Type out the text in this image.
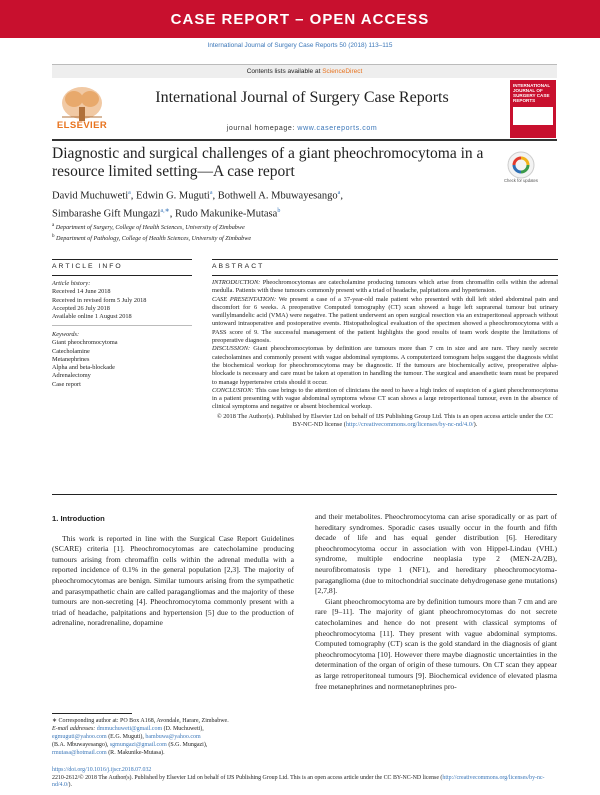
CASE REPORT – OPEN ACCESS
International Journal of Surgery Case Reports 50 (2018) 113–115
Contents lists available at ScienceDirect
ELSEVIER
International Journal of Surgery Case Reports
journal homepage: www.casereports.com
INTERNATIONAL JOURNAL OF SURGERY CASE REPORTS
Diagnostic and surgical challenges of a giant pheochromocytoma in a resource limited setting—A case report
Check for updates
David Muchuweti$^a$, Edwin G. Muguti$^a$, Bothwell A. Mbuwayesango$^a$,
Simbarashe Gift Mungazi$^{a,∗}$, Rudo Makunike-Mutasa$^b$
$^a$ Department of Surgery, College of Health Sciences, University of Zimbabwe
$^b$ Department of Pathology, College of Health Sciences, University of Zimbabwe
ARTICLE INFO	ABSTRACT
Article history:
Received 14 June 2018
Received in revised form 5 July 2018
Accepted 26 July 2018
Available online 1 August 2018
Keywords:
Giant pheochromocytoma
Catecholamine
Metanephrines
Alpha and beta-blockade
Adrenalectomy
Case report

INTRODUCTION: Pheochromocytomas are catecholamine producing tumours which arise from chromaffin cells within the adrenal medulla. Patients with these tumours commonly present with a triad of headache, palpitations and hypertension.

CASE PRESENTATION: We present a case of a 37-year-old male patient who presented with dull left sided abdominal pain and discomfort for 6 weeks. A preoperative Computed tomography (CT) scan showed a huge left suprarenal tumour but urinary vanillylmandelic acid (VMA) were negative. The patient underwent an open surgical resection via an extraperitoneal approach without untoward intraoperative and postoperative events. Histopathological evaluation of the specimen showed a pheochromocytoma with a PASS score of 9. The successful management of the patient highlights the good results of team work despite the limitations of preoperative diagnosis.

DISCUSSION: Giant pheochromocytomas by definition are tumours more than 7 cm in size and are rare. They rarely secrete catecholamines and commonly present with vague abdominal symptoms. A computerized tomogram helps suggest the diagnosis whilst the biochemical workup for pheochromocytoma may be diagnostic. If the tumours are biochemically active, preoperative alpha-blockade is necessary and care must be taken at operation in handling the tumour. The surgical and anaesthetic team must be prepared to manage hypertensive crisis should it occur.

CONCLUSION: This case brings to the attention of clinicians the need to have a high index of suspicion of a giant pheochromocytoma in a patient presenting with vague abdominal symptoms whose CT scan shows a large retroperitoneal tumour, even in the absence of clinical symptoms and negative or absent biochemical workup.

© 2018 The Author(s). Published by Elsevier Ltd on behalf of IJS Publishing Group Ltd. This is an open access article under the CC BY-NC-ND license (http://creativecommons.org/licenses/by-nc-nd/4.0/).

1. Introduction

This work is reported in line with the Surgical Case Report Guidelines (SCARE) criteria [1]. Pheochromocytomas are catecholamine producing tumours arising from chromaffin cells within the adrenal medulla with a reported incidence of 0.1% in the general population [2,3]. The majority of pheochromocytomas are benign. Similar tumours arising from the sympathetic and parasympathetic chain are called paragangliomas and the majority of these tumours are non-secreting [4]. Pheochromocytoma commonly present with a triad of headache, palpitations and hypertension [5] due to the production of adrenaline, noradrenaline, dopamine

and their metabolites. Pheochromocytoma can arise sporadically or as part of hereditary syndromes. Sporadic cases usually occur in the fourth and fifth decade of life and has equal gender distribution [6]. Hereditary pheochromocytoma occur in association with von Hippel-Lindau (VHL) syndrome, multiple endocrine neoplasia type 2 (MEN-2A/2B), neurofibromatosis type 1 (NF1), and hereditary pheochromocytoma-paraganglioma (due to mitochondrial succinate dehydrogenase gene mutations) [2,7,8].

Giant pheochromocytoma are by definition tumours more than 7 cm and are rare [9–11]. The majority of giant pheochromocytomas do not secrete catecholamines and hence do not present with classical symptoms of pheochromocytoma [11]. They present with vague abdominal symptoms. Computed tomography (CT) scan is the gold standard in the diagnosis of giant pheochromocytoma [10]. However there maybe diagnostic uncertainties in the determination of the organ of origin of these tumours. On CT scan they appear as large retroperitoneal tumours [9]. Biochemical evidence of elevated plasma free metanephrines and normetanephrines pro-

∗ Corresponding author at: PO Box A168, Avondale, Harare, Zimbabwe.
E-mail addresses: dmmuchuweti@gmail.com (D. Muchuweti),
egmuguti@yahoo.com (E.G. Muguti), bambuwa@yahoo.com
(B.A. Mbuwayesango), sgmungazi@gmail.com (S.G. Mungazi),
rmutasa@hotmail.com (R. Makunike-Mutasa).
https://doi.org/10.1016/j.ijscr.2018.07.032
2210-2612/© 2018 The Author(s). Published by Elsevier Ltd on behalf of IJS Publishing Group Ltd. This is an open access article under the CC BY-NC-ND license (http://creativecommons.org/licenses/by-nc-nd/4.0/).
